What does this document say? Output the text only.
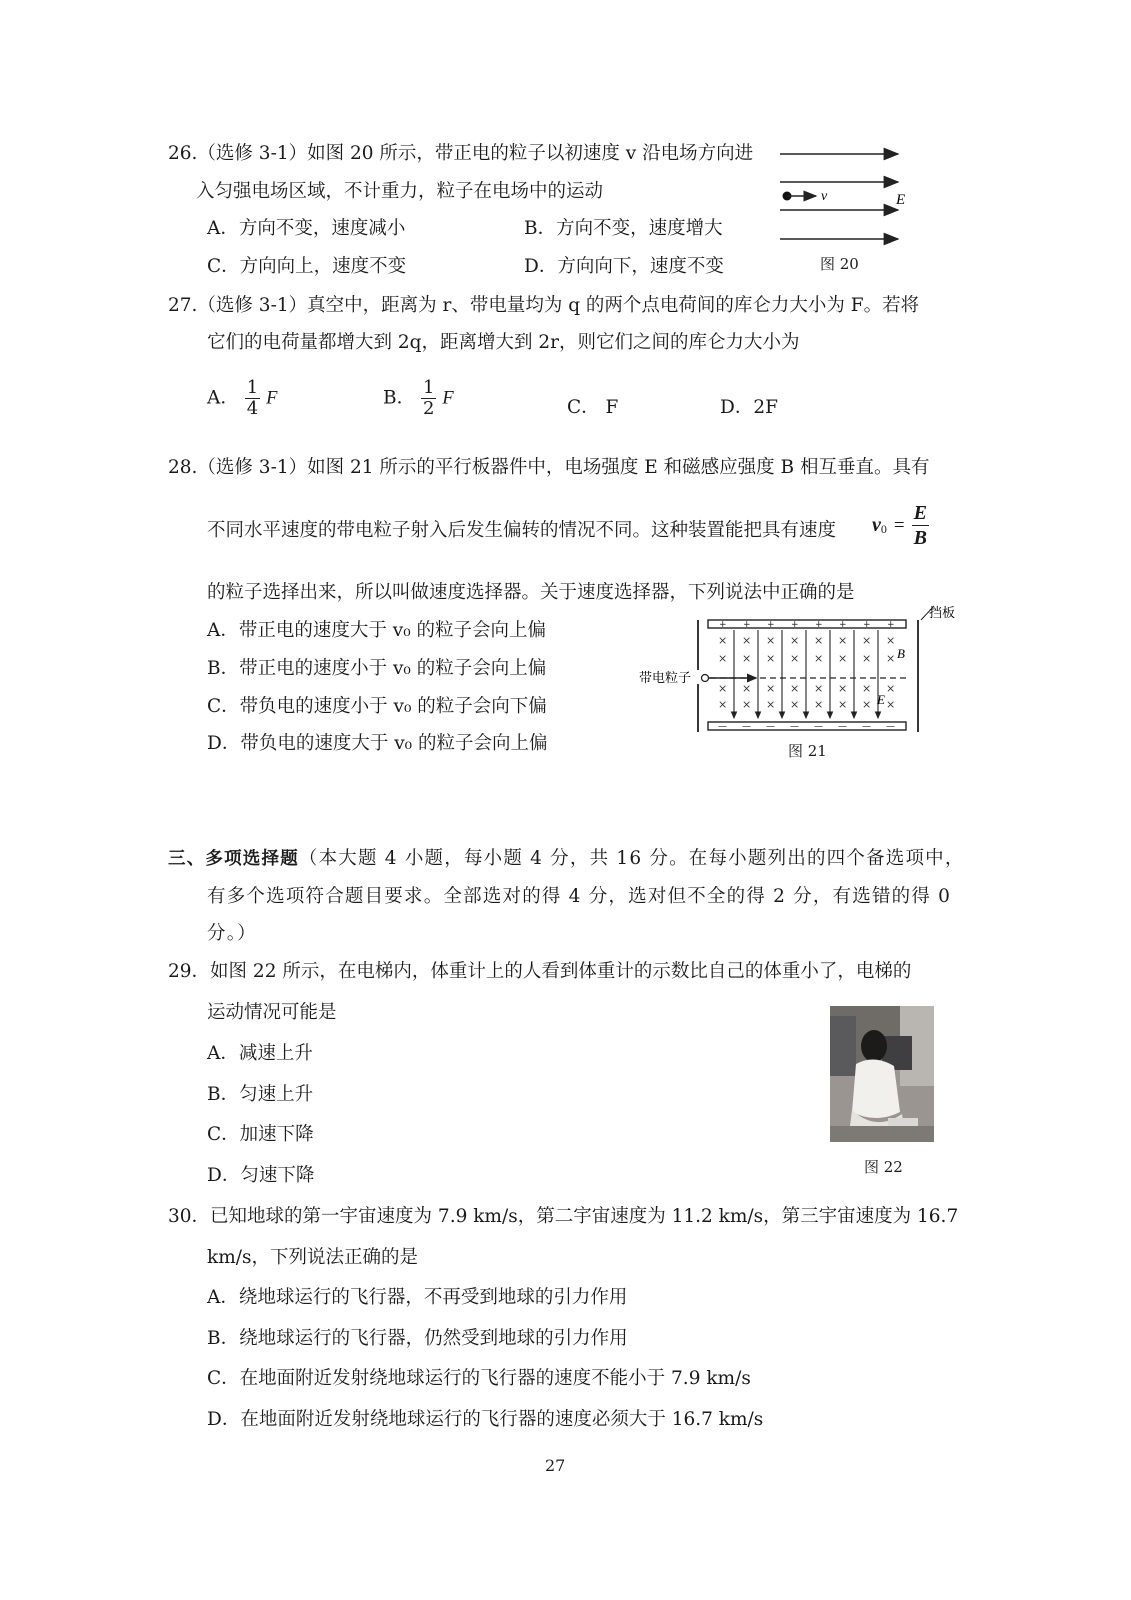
26.（选修 3-1）如图 20 所示，带正电的粒子以初速度 v 沿电场方向进
入匀强电场区域，不计重力，粒子在电场中的运动
A．方向不变，速度减小	B．方向不变，速度增大
C．方向向上，速度不变	D．方向向下，速度不变
v	E
图 20
27.（选修 3-1）真空中，距离为 r、带电量均为 q 的两个点电荷间的库仑力大小为 F。若将
它们的电荷量都增大到 2q，距离增大到 2r，则它们之间的库仑力大小为
A． $\frac{1}{4}$ F	B． $\frac{1}{2}$ F	C． F	D．2F
28.（选修 3-1）如图 21 所示的平行板器件中，电场强度 E 和磁感应强度 B 相互垂直。具有
不同水平速度的带电粒子射入后发生偏转的情况不同。这种装置能把具有速度 $v_0 = \frac{E}{B}$
的粒子选择出来，所以叫做速度选择器。关于速度选择器，下列说法中正确的是
A．带正电的速度大于 v₀ 的粒子会向上偏
B．带正电的速度小于 v₀ 的粒子会向上偏
C．带负电的速度小于 v₀ 的粒子会向下偏
D．带负电的速度大于 v₀ 的粒子会向上偏
+
—
×
×
×
×
+
—
×
×
×
×
+
—
×
×
×
×
+
—
×
×
×
×
+
—
×
×
×
×
+
—
×
×
×
×
+
—
×
×
×
×
+
—
×
×
×
×
带电粒子
挡板
B
E
图 21
三、多项选择题（本大题 4 小题，每小题 4 分，共 16 分。在每小题列出的四个备选项中，
有多个选项符合题目要求。全部选对的得 4 分，选对但不全的得 2 分，有选错的得 0
分。）
29．如图 22 所示，在电梯内，体重计上的人看到体重计的示数比自己的体重小了，电梯的
运动情况可能是
A．减速上升
B．匀速上升
C．加速下降
D．匀速下降	图 22
30．已知地球的第一宇宙速度为 7.9 km/s，第二宇宙速度为 11.2 km/s，第三宇宙速度为 16.7
km/s，下列说法正确的是
A．绕地球运行的飞行器，不再受到地球的引力作用
B．绕地球运行的飞行器，仍然受到地球的引力作用
C．在地面附近发射绕地球运行的飞行器的速度不能小于 7.9 km/s
D．在地面附近发射绕地球运行的飞行器的速度必须大于 16.7 km/s
27
